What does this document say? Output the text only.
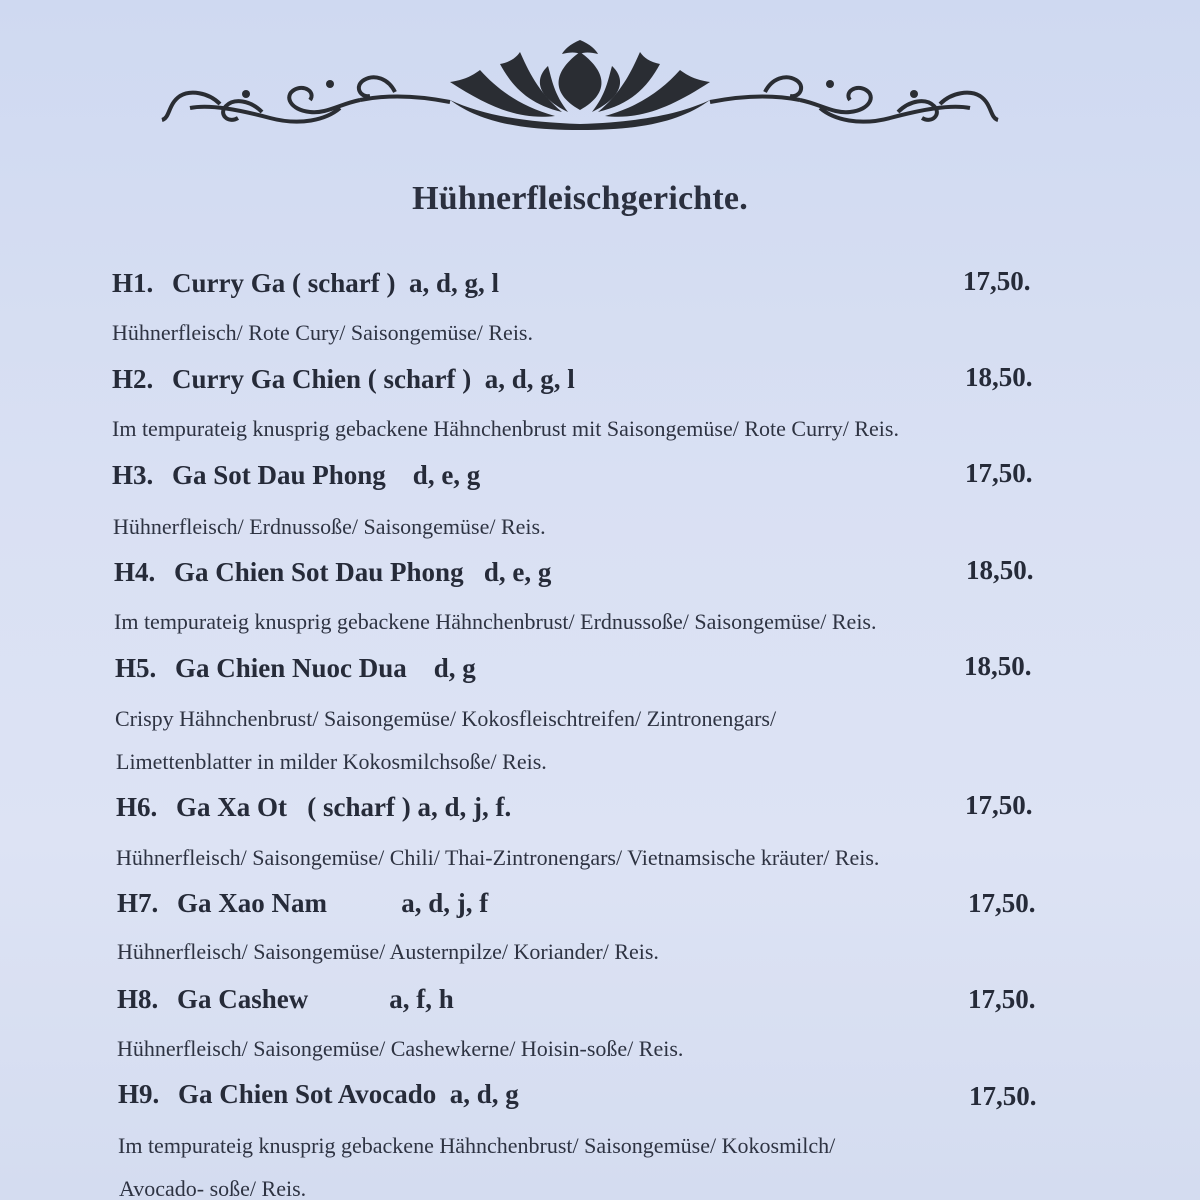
Hühnerfleischgerichte.
H1. Curry Ga ( scharf )  a, d, g, l	17,50.
Hühnerfleisch/ Rote Cury/ Saisongemüse/ Reis.
H2. Curry Ga Chien ( scharf )  a, d, g, l	18,50.
Im tempurateig knusprig gebackene Hähnchenbrust mit Saisongemüse/ Rote Curry/ Reis.
H3. Ga Sot Dau Phong    d, e, g	17,50.
Hühnerfleisch/ Erdnussoße/ Saisongemüse/ Reis.
H4. Ga Chien Sot Dau Phong   d, e, g	18,50.
Im tempurateig knusprig gebackene Hähnchenbrust/ Erdnussoße/ Saisongemüse/ Reis.
H5. Ga Chien Nuoc Dua    d, g	18,50.
Crispy Hähnchenbrust/ Saisongemüse/ Kokosfleischtreifen/ Zintronengars/
Limettenblatter in milder Kokosmilchsoße/ Reis.
H6. Ga Xa Ot   ( scharf ) a, d, j, f.	17,50.
Hühnerfleisch/ Saisongemüse/ Chili/ Thai-Zintronengars/ Vietnamsische kräuter/ Reis.
H7. Ga Xao Nam           a, d, j, f	17,50.
Hühnerfleisch/ Saisongemüse/ Austernpilze/ Koriander/ Reis.
H8. Ga Cashew            a, f, h	17,50.
Hühnerfleisch/ Saisongemüse/ Cashewkerne/ Hoisin-soße/ Reis.
H9. Ga Chien Sot Avocado  a, d, g	17,50.
Im tempurateig knusprig gebackene Hähnchenbrust/ Saisongemüse/ Kokosmilch/
Avocado- soße/ Reis.
